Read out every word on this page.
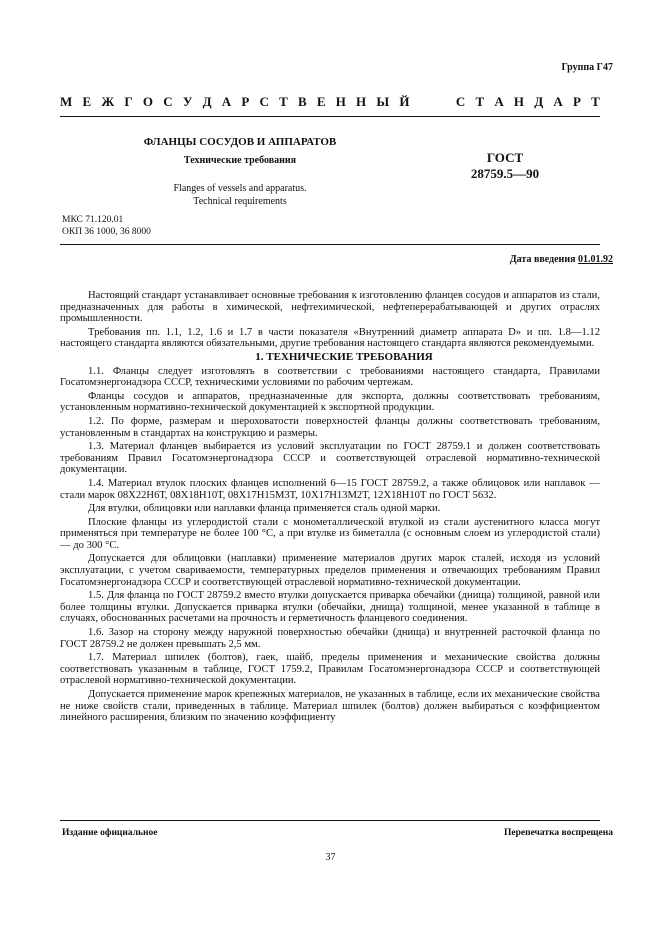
Группа Г47
М Е Ж Г О С У Д А Р С Т В Е Н Н Ы Й	С Т А Н Д А Р Т
ФЛАНЦЫ СОСУДОВ И АППАРАТОВ
Технические требования
Flanges of vessels and apparatus.
Technical requirements
ГОСТ
28759.5—90
МКС 71.120.01
ОКП 36 1000, 36 8000
Дата введения 01.01.92

Настоящий стандарт устанавливает основные требования к изготовлению фланцев сосудов и аппаратов из стали, предназначенных для работы в химической, нефтехимической, нефтеперерабатывающей и других отраслях промышленности.

Требования пп. 1.1, 1.2, 1.6 и 1.7 в части показателя «Внутренний диаметр аппарата D» и пп. 1.8—1.12 настоящего стандарта являются обязательными, другие требования настоящего стандарта являются рекомендуемыми.

1. ТЕХНИЧЕСКИЕ ТРЕБОВАНИЯ

1.1. Фланцы следует изготовлять в соответствии с требованиями настоящего стандарта, Правилами Госатомэнергонадзора СССР, техническими условиями по рабочим чертежам.

Фланцы сосудов и аппаратов, предназначенные для экспорта, должны соответствовать требованиям, установленным нормативно-технической документацией к экспортной продукции.

1.2. По форме, размерам и шероховатости поверхностей фланцы должны соответствовать требованиям, установленным в стандартах на конструкцию и размеры.

1.3. Материал фланцев выбирается из условий эксплуатации по ГОСТ 28759.1 и должен соответствовать требованиям Правил Госатомэнергонадзора СССР и соответствующей отраслевой нормативно-технической документации.

1.4. Материал втулок плоских фланцев исполнений 6—15 ГОСТ 28759.2, а также облицовок или наплавок — стали марок 08Х22Н6Т, 08Х18Н10Т, 08Х17Н15М3Т, 10Х17Н13М2Т, 12Х18Н10Т по ГОСТ 5632.

Для втулки, облицовки или наплавки фланца применяется сталь одной марки.

Плоские фланцы из углеродистой стали с монометаллической втулкой из стали аустенитного класса могут применяться при температуре не более 100 °С, а при втулке из биметалла (с основным слоем из углеродистой стали) — до 300 °С.

Допускается для облицовки (наплавки) применение материалов других марок сталей, исходя из условий эксплуатации, с учетом свариваемости, температурных пределов применения и отвечающих требованиям Правил Госатомэнергонадзора СССР и соответствующей отраслевой нормативно-технической документации.

1.5. Для фланца по ГОСТ 28759.2 вместо втулки допускается приварка обечайки (днища) толщиной, равной или более толщины втулки. Допускается приварка втулки (обечайки, днища) толщиной, менее указанной в таблице в случаях, обоснованных расчетами на прочность и герметичность фланцевого соединения.

1.6. Зазор на сторону между наружной поверхностью обечайки (днища) и внутренней расточкой фланца по ГОСТ 28759.2 не должен превышать 2,5 мм.

1.7. Материал шпилек (болтов), гаек, шайб, пределы применения и механические свойства должны соответствовать указанным в таблице, ГОСТ 1759.2, Правилам Госатомэнергонадзора СССР и соответствующей отраслевой нормативно-технической документации.

Допускается применение марок крепежных материалов, не указанных в таблице, если их механические свойства не ниже свойств стали, приведенных в таблице. Материал шпилек (болтов) должен выбираться с коэффициентом линейного расширения, близким по значению коэффициенту

Издание официальное	Перепечатка воспрещена
37
